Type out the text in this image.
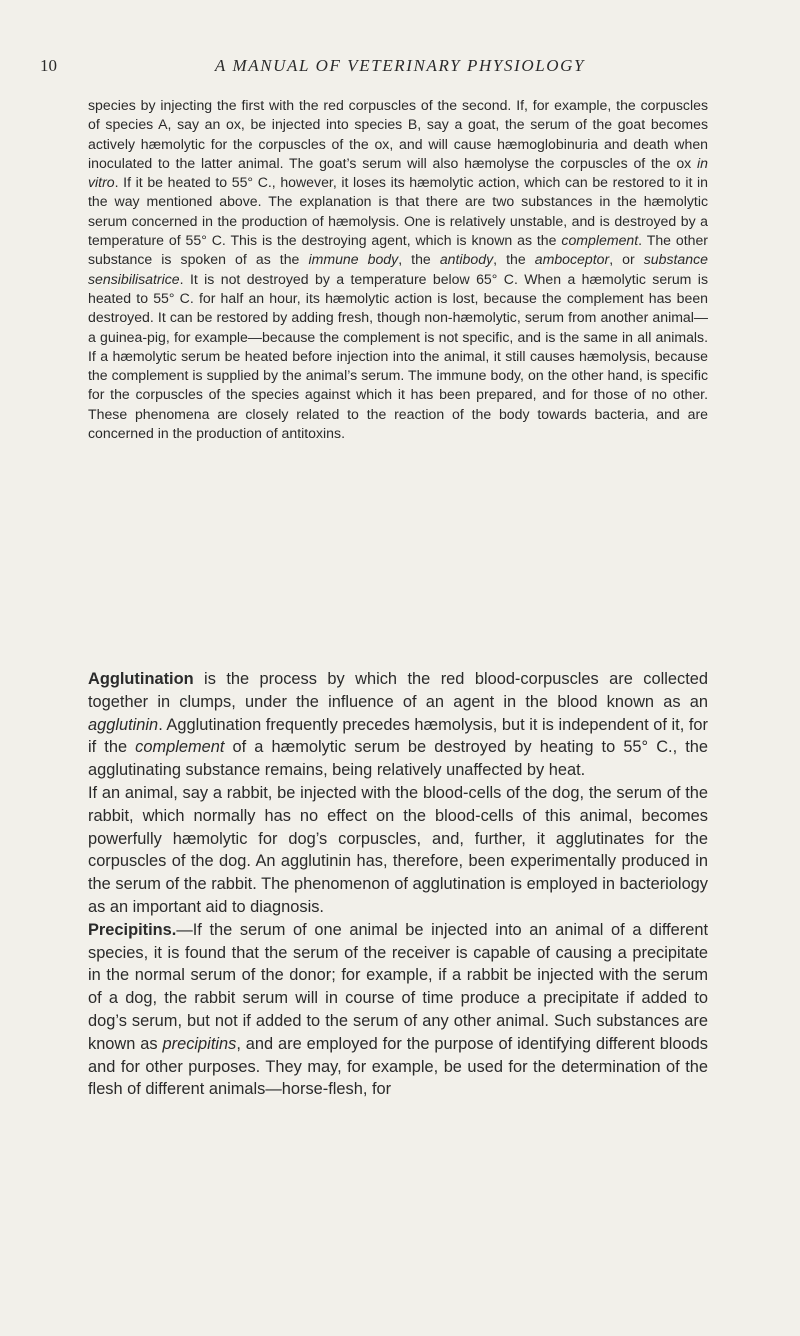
10	A MANUAL OF VETERINARY PHYSIOLOGY

species by injecting the first with the red corpuscles of the second. If, for example, the corpuscles of species A, say an ox, be injected into species B, say a goat, the serum of the goat becomes actively hæmolytic for the corpuscles of the ox, and will cause hæmoglobinuria and death when inoculated to the latter animal. The goat’s serum will also hæmolyse the corpuscles of the ox in vitro. If it be heated to 55° C., however, it loses its hæmolytic action, which can be restored to it in the way mentioned above. The explanation is that there are two substances in the hæmolytic serum concerned in the production of hæmolysis. One is relatively unstable, and is destroyed by a temperature of 55° C. This is the destroying agent, which is known as the complement. The other substance is spoken of as the immune body, the antibody, the amboceptor, or substance sensibilisatrice. It is not destroyed by a temperature below 65° C. When a hæmolytic serum is heated to 55° C. for half an hour, its hæmolytic action is lost, because the complement has been destroyed. It can be restored by adding fresh, though non-hæmolytic, serum from another animal—a guinea-pig, for example—because the complement is not specific, and is the same in all animals. If a hæmolytic serum be heated before injection into the animal, it still causes hæmolysis, because the complement is supplied by the animal’s serum. The immune body, on the other hand, is specific for the corpuscles of the species against which it has been prepared, and for those of no other. These phenomena are closely related to the reaction of the body towards bacteria, and are concerned in the production of antitoxins.

Agglutination is the process by which the red blood-corpuscles are collected together in clumps, under the influence of an agent in the blood known as an agglutinin. Agglutination frequently precedes hæmolysis, but it is independent of it, for if the complement of a hæmolytic serum be destroyed by heating to 55° C., the agglutinating substance remains, being relatively unaffected by heat.

If an animal, say a rabbit, be injected with the blood-cells of the dog, the serum of the rabbit, which normally has no effect on the blood-cells of this animal, becomes powerfully hæmolytic for dog’s corpuscles, and, further, it agglutinates for the corpuscles of the dog. An agglutinin has, therefore, been experimentally produced in the serum of the rabbit. The phenomenon of agglutination is employed in bacteriology as an important aid to diagnosis.

Precipitins.—If the serum of one animal be injected into an animal of a different species, it is found that the serum of the receiver is capable of causing a precipitate in the normal serum of the donor; for example, if a rabbit be injected with the serum of a dog, the rabbit serum will in course of time produce a precipitate if added to dog’s serum, but not if added to the serum of any other animal. Such substances are known as precipitins, and are employed for the purpose of identifying different bloods and for other purposes. They may, for example, be used for the determination of the flesh of different animals—horse-flesh, for
